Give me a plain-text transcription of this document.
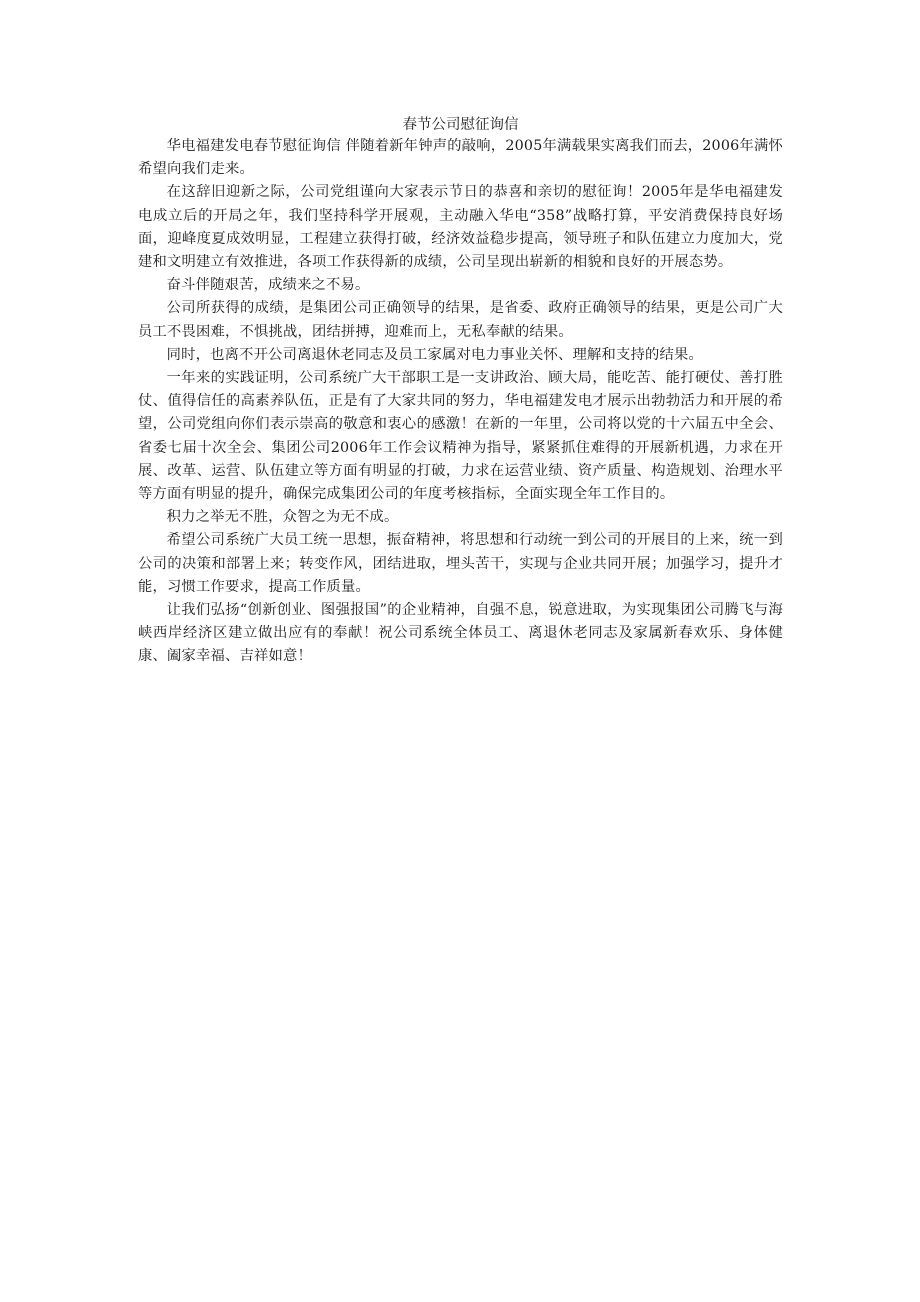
春节公司慰征询信

华电福建发电春节慰征询信 伴随着新年钟声的敲响，2005年满载果实离我们而去，2006年满怀希望向我们走来。

在这辞旧迎新之际，公司党组谨向大家表示节日的恭喜和亲切的慰征询！2005年是华电福建发电成立后的开局之年，我们坚持科学开展观，主动融入华电“358”战略打算，平安消费保持良好场面，迎峰度夏成效明显，工程建立获得打破，经济效益稳步提高，领导班子和队伍建立力度加大，党建和文明建立有效推进，各项工作获得新的成绩，公司呈现出崭新的相貌和良好的开展态势。

奋斗伴随艰苦，成绩来之不易。

公司所获得的成绩，是集团公司正确领导的结果，是省委、政府正确领导的结果，更是公司广大员工不畏困难，不惧挑战，团结拼搏，迎难而上，无私奉献的结果。

同时，也离不开公司离退休老同志及员工家属对电力事业关怀、理解和支持的结果。

一年来的实践证明，公司系统广大干部职工是一支讲政治、顾大局，能吃苦、能打硬仗、善打胜仗、值得信任的高素养队伍，正是有了大家共同的努力，华电福建发电才展示出勃勃活力和开展的希望，公司党组向你们表示崇高的敬意和衷心的感激！在新的一年里，公司将以党的十六届五中全会、省委七届十次全会、集团公司2006年工作会议精神为指导，紧紧抓住难得的开展新机遇，力求在开展、改革、运营、队伍建立等方面有明显的打破，力求在运营业绩、资产质量、构造规划、治理水平等方面有明显的提升，确保完成集团公司的年度考核指标，全面实现全年工作目的。

积力之举无不胜，众智之为无不成。

希望公司系统广大员工统一思想，振奋精神，将思想和行动统一到公司的开展目的上来，统一到公司的决策和部署上来；转变作风，团结进取，埋头苦干，实现与企业共同开展；加强学习，提升才能，习惯工作要求，提高工作质量。

让我们弘扬“创新创业、图强报国”的企业精神，自强不息，锐意进取，为实现集团公司腾飞与海峡西岸经济区建立做出应有的奉献！祝公司系统全体员工、离退休老同志及家属新春欢乐、身体健康、阖家幸福、吉祥如意！
